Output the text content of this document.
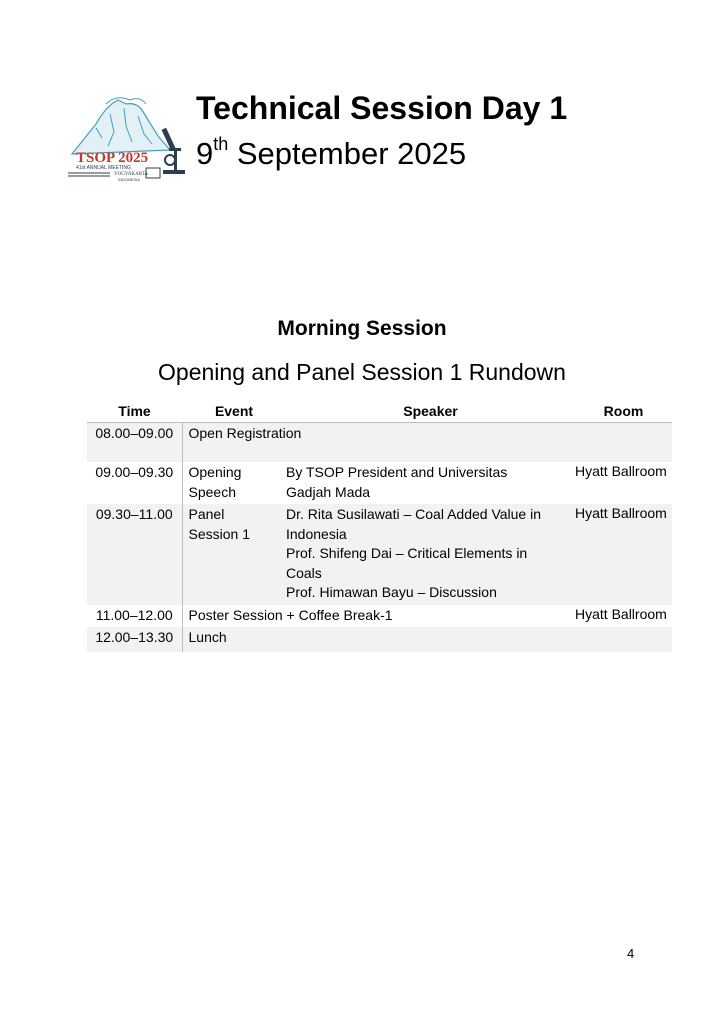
TSOP 2025
41st ANNUAL MEETING
YOGYAKARTA
INDONESIA
Technical Session Day 1
9th September 2025
Morning Session
Opening and Panel Session 1 Rundown
Time	Event	Speaker	Room
08.00–09.00	Open Registration		
09.00–09.30	Opening Speech	By TSOP President and Universitas Gadjah Mada	Hyatt Ballroom
09.30–11.00	Panel Session 1	Dr. Rita Susilawati – Coal Added Value in Indonesia
Prof. Shifeng Dai – Critical Elements in Coals
Prof. Himawan Bayu – Discussion	Hyatt Ballroom
11.00–12.00	Poster Session + Coffee Break-1		Hyatt Ballroom
12.00–13.30	Lunch		
4
